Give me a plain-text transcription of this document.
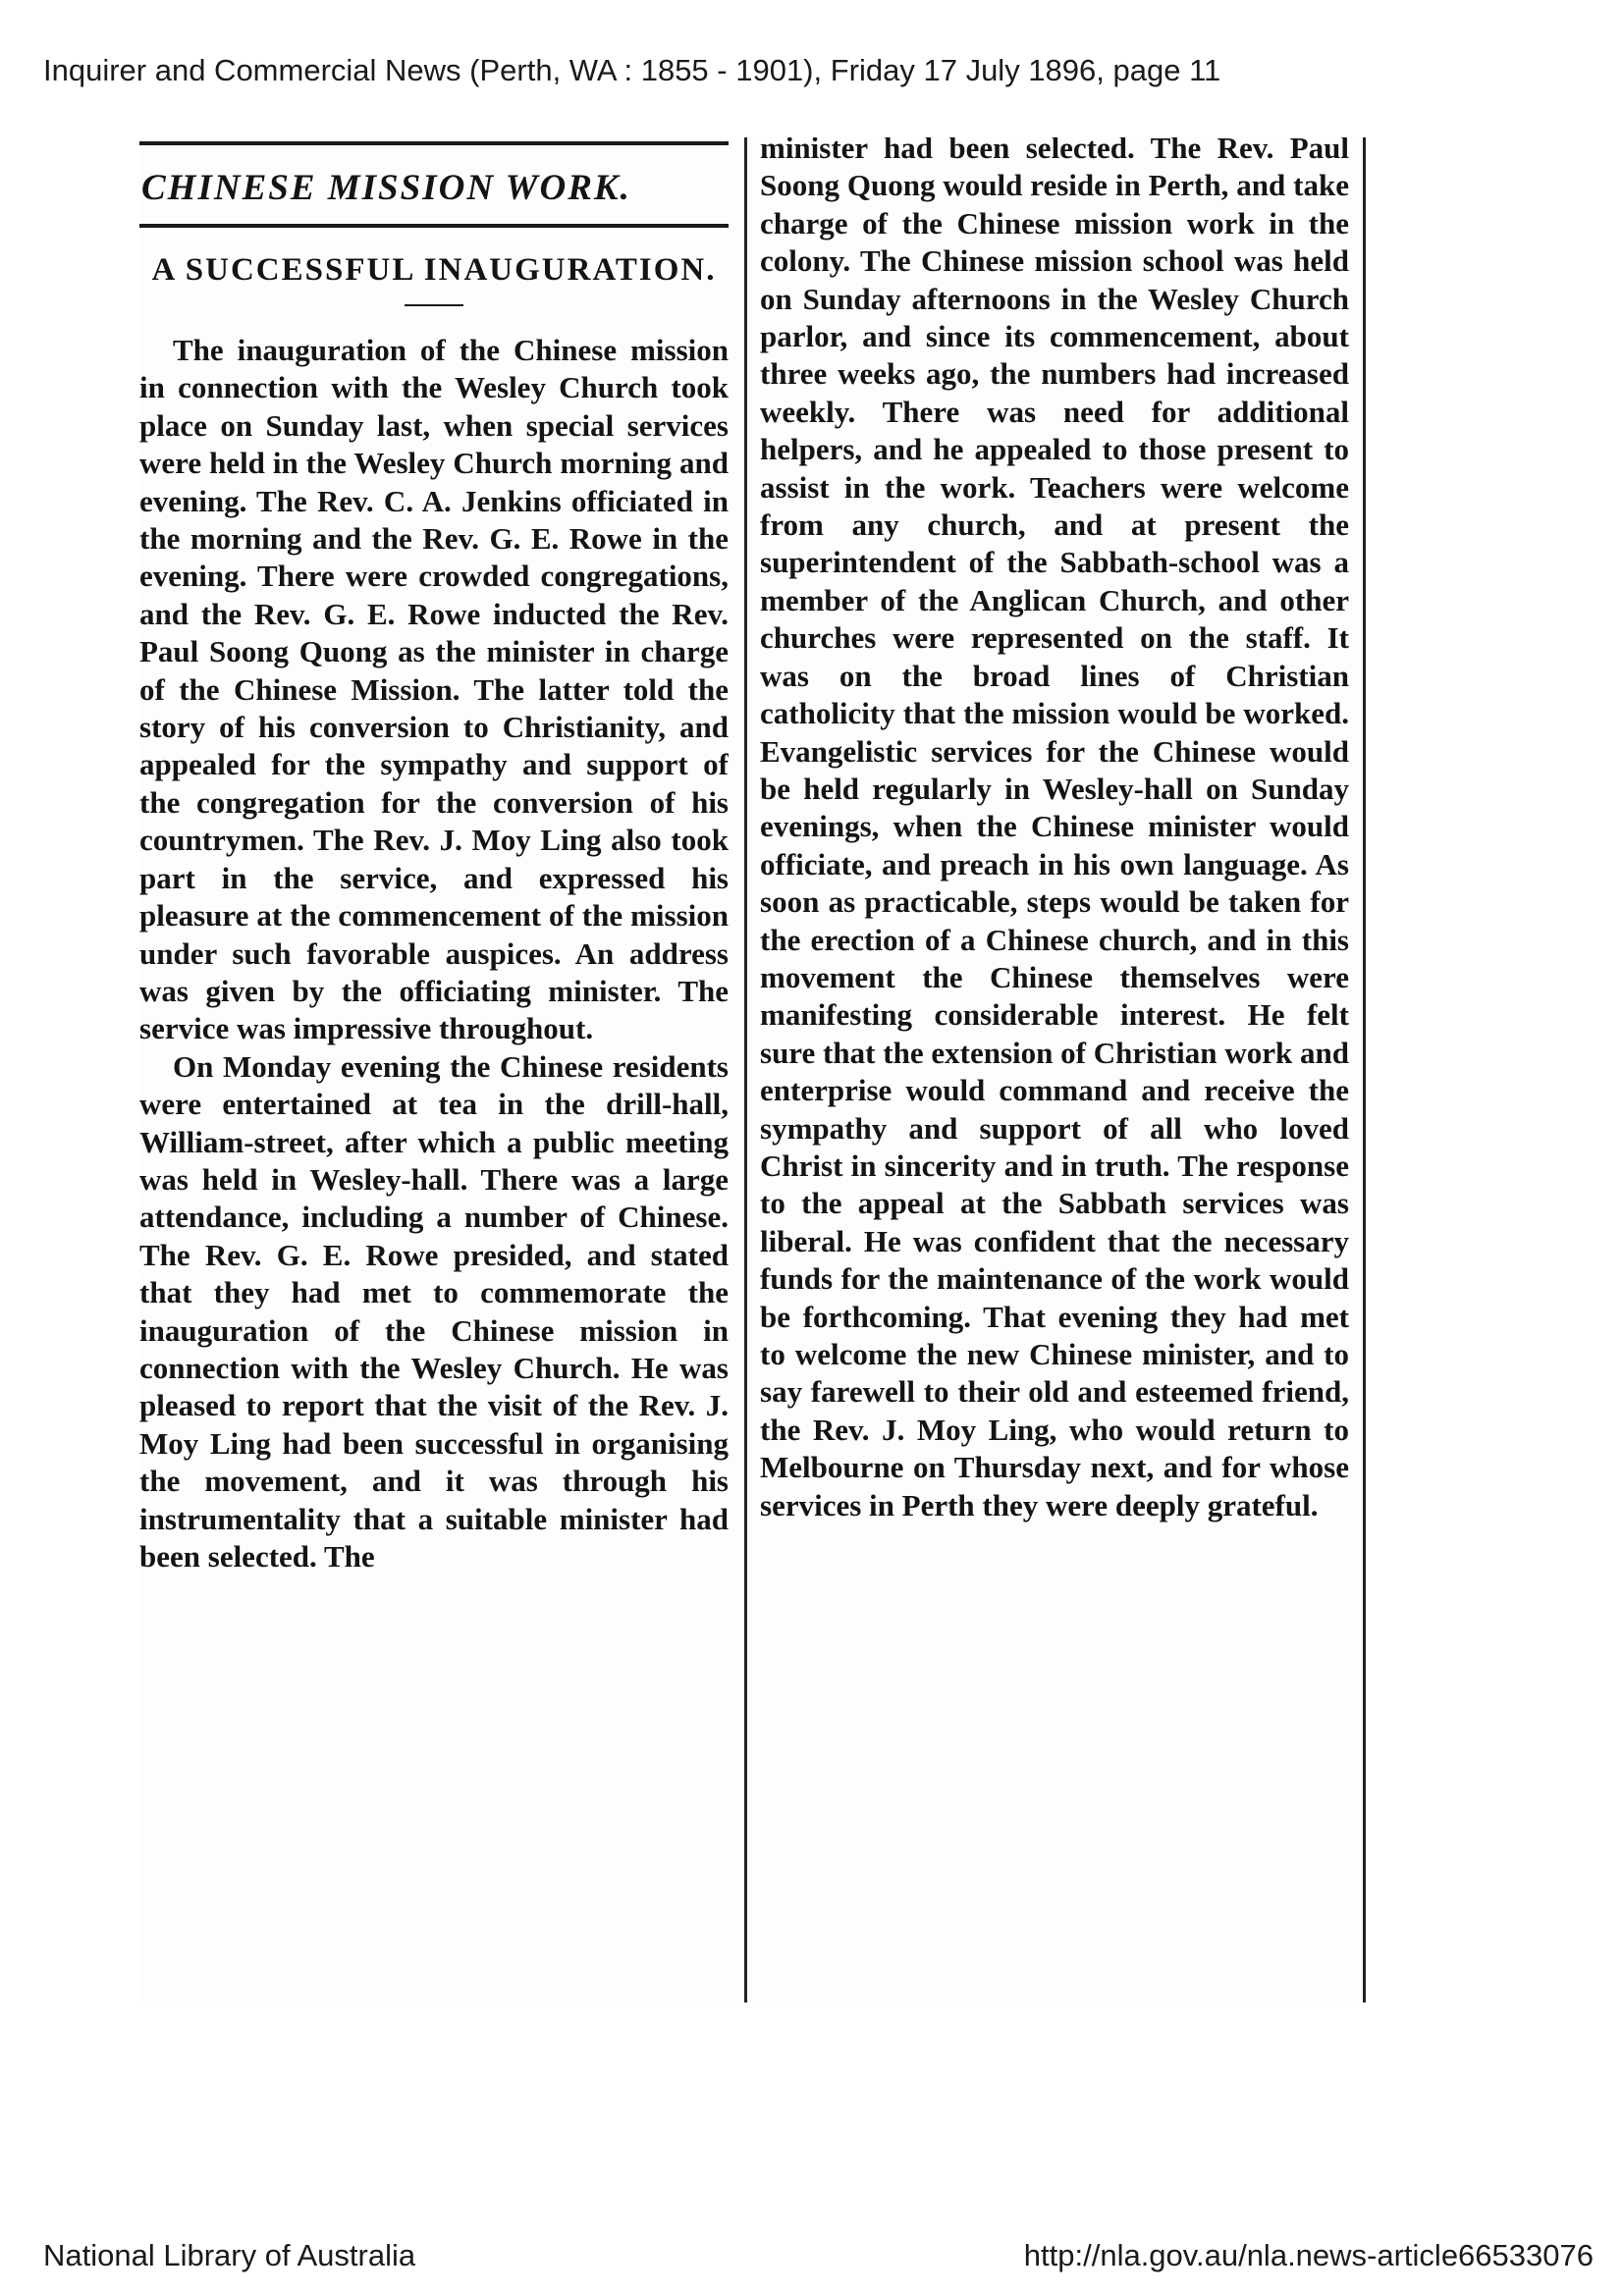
Inquirer and Commercial News (Perth, WA : 1855 - 1901), Friday 17 July 1896, page 11
CHINESE MISSION WORK.
A SUCCESSFUL INAUGURATION.

The inauguration of the Chinese mission in connection with the Wesley Church took place on Sunday last, when special services were held in the Wesley Church morning and evening. The Rev. C. A. Jenkins officiated in the morning and the Rev. G. E. Rowe in the evening. There were crowded congregations, and the Rev. G. E. Rowe inducted the Rev. Paul Soong Quong as the minister in charge of the Chinese Mission. The latter told the story of his conversion to Christianity, and appealed for the sympathy and support of the congregation for the conversion of his countrymen. The Rev. J. Moy Ling also took part in the service, and expressed his pleasure at the commencement of the mission under such favorable auspices. An address was given by the officiating minister. The service was impressive throughout.

On Monday evening the Chinese residents were entertained at tea in the drill-hall, William-street, after which a public meeting was held in Wesley-hall. There was a large attendance, including a number of Chinese. The Rev. G. E. Rowe presided, and stated that they had met to commemorate the inauguration of the Chinese mission in connection with the Wesley Church. He was pleased to report that the visit of the Rev. J. Moy Ling had been successful in organising the movement, and it was through his instrumentality that a suitable minister had been selected. The

minister had been selected. The Rev. Paul Soong Quong would reside in Perth, and take charge of the Chinese mission work in the colony. The Chinese mission school was held on Sunday afternoons in the Wesley Church parlor, and since its commencement, about three weeks ago, the numbers had increased weekly. There was need for additional helpers, and he appealed to those present to assist in the work. Teachers were welcome from any church, and at present the superintendent of the Sabbath-school was a member of the Anglican Church, and other churches were represented on the staff. It was on the broad lines of Christian catholicity that the mission would be worked. Evangelistic services for the Chinese would be held regularly in Wesley-hall on Sunday evenings, when the Chinese minister would officiate, and preach in his own language. As soon as practicable, steps would be taken for the erection of a Chinese church, and in this movement the Chinese themselves were manifesting considerable interest. He felt sure that the extension of Christian work and enterprise would command and receive the sympathy and support of all who loved Christ in sincerity and in truth. The response to the appeal at the Sabbath services was liberal. He was confident that the necessary funds for the maintenance of the work would be forthcoming. That evening they had met to welcome the new Chinese minister, and to say farewell to their old and esteemed friend, the Rev. J. Moy Ling, who would return to Melbourne on Thursday next, and for whose services in Perth they were deeply grateful.

National Library of Australia	http://nla.gov.au/nla.news-article66533076
